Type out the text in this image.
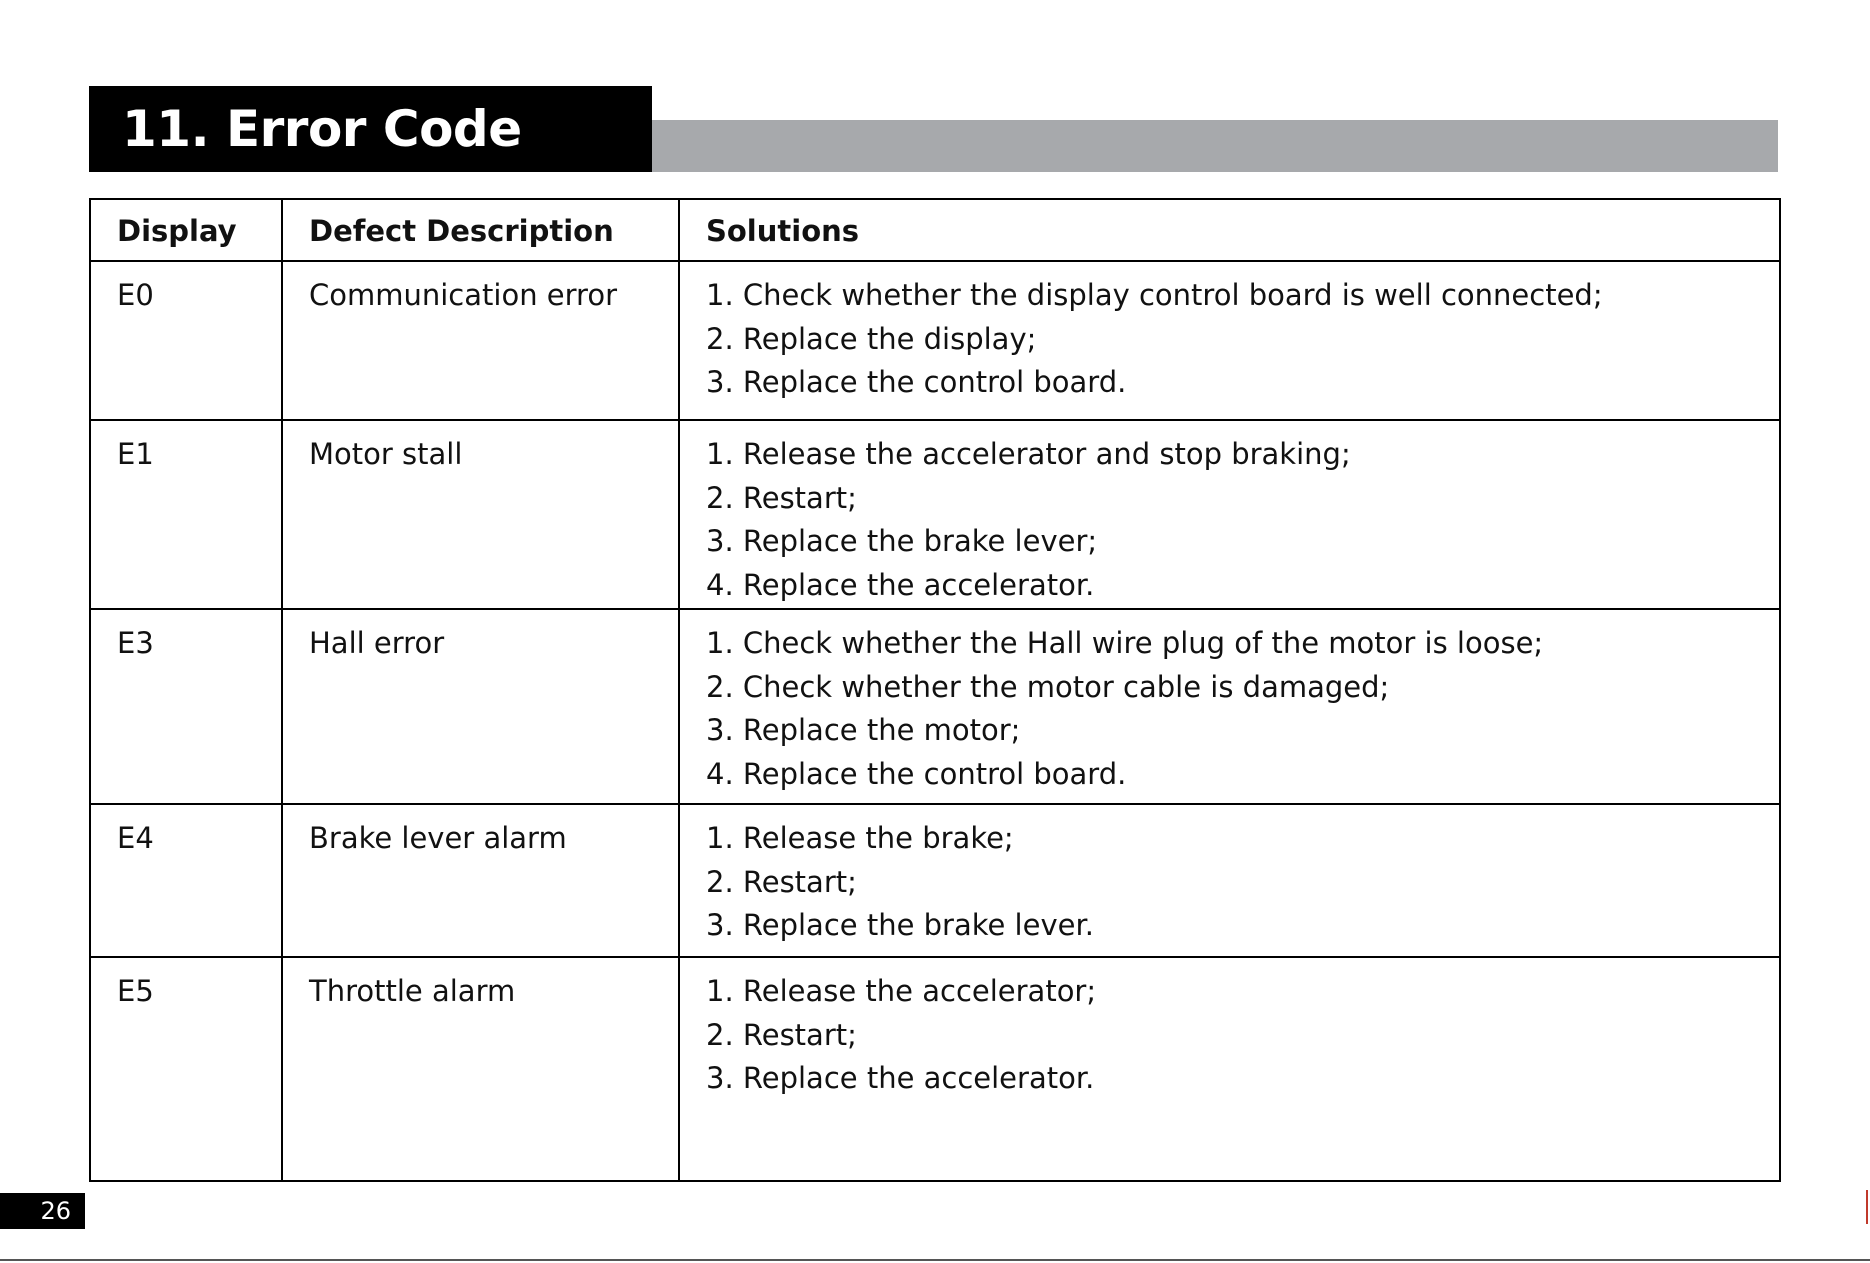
11. Error Code
Display	Defect Description	Solutions
E0	Communication error	1. Check whether the display control board is well connected;
2. Replace the display;
3. Replace the control board.

E1	Motor stall	1. Release the accelerator and stop braking;
2. Restart;
3. Replace the brake lever;
4. Replace the accelerator.

E3	Hall error	1. Check whether the Hall wire plug of the motor is loose;
2. Check whether the motor cable is damaged;
3. Replace the motor;
4. Replace the control board.

E4	Brake lever alarm	1. Release the brake;
2. Restart;
3. Replace the brake lever.

E5	Throttle alarm	1. Release the accelerator;
2. Restart;
3. Replace the accelerator.
26
